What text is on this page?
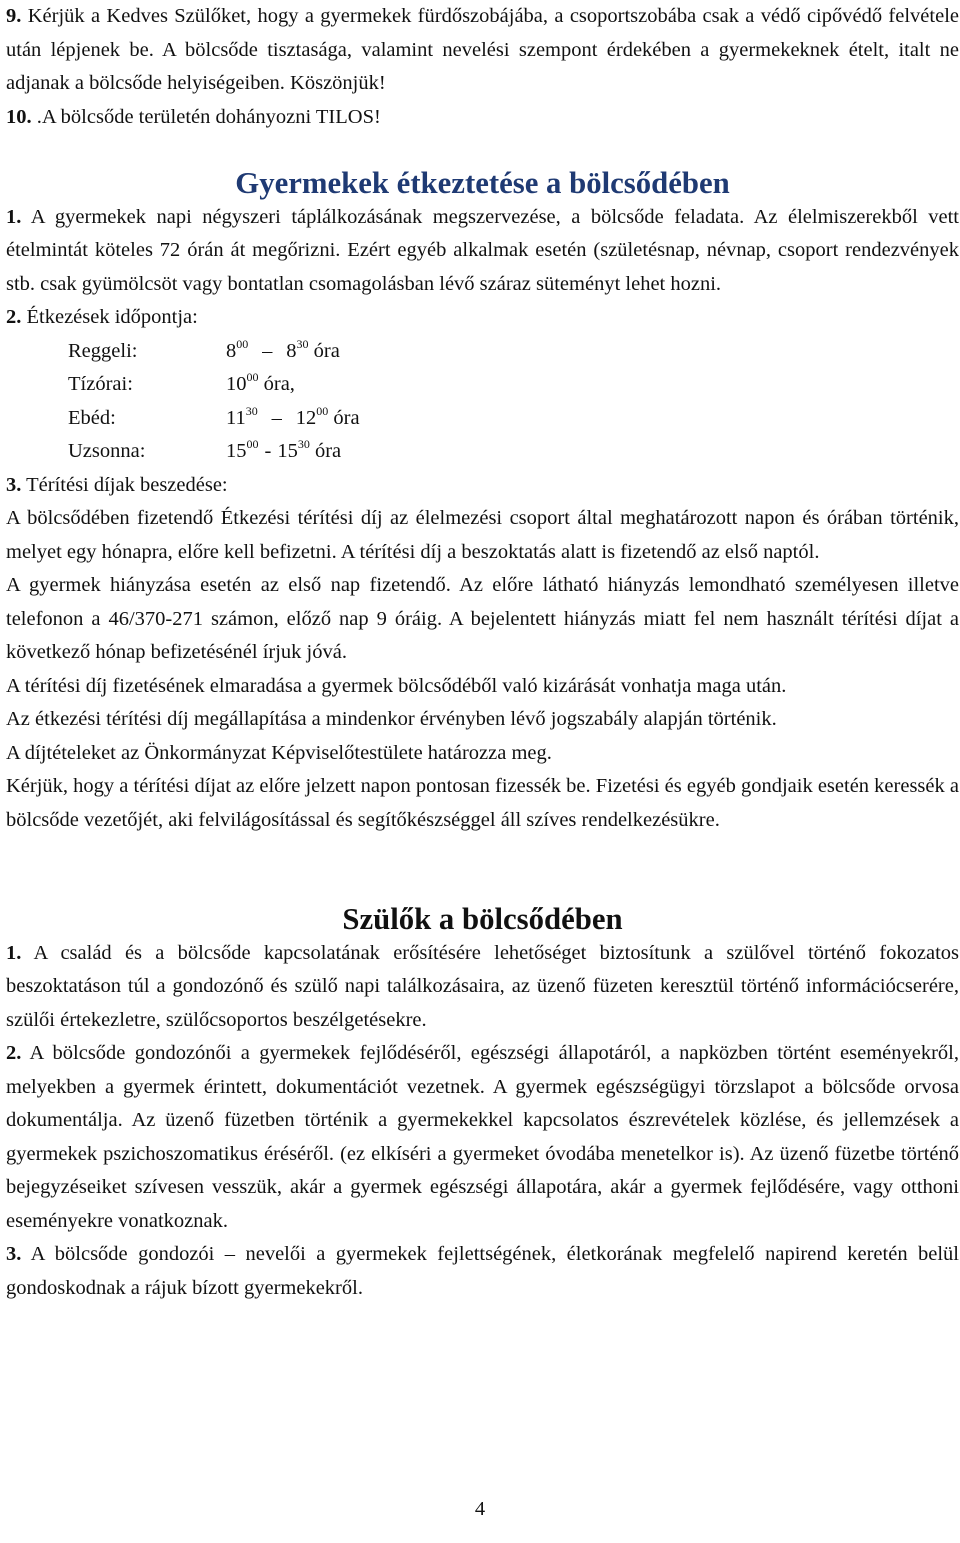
9. Kérjük a Kedves Szülőket, hogy a gyermekek fürdőszobájába, a csoportszobába csak a védő cipővédő felvétele után lépjenek be. A bölcsőde tisztasága, valamint nevelési szempont érdekében a gyermekeknek ételt, italt ne adjanak a bölcsőde helyiségeiben. Köszönjük!

10. .A bölcsőde területén dohányozni TILOS!

Gyermekek étkeztetése a bölcsődében

1. A gyermekek napi négyszeri táplálkozásának megszervezése, a bölcsőde feladata. Az élelmiszerekből vett ételmintát köteles 72 órán át megőrizni. Ezért egyéb alkalmak esetén (születésnap, névnap, csoport rendezvények stb. csak gyümölcsöt vagy bontatlan csomagolásban lévő száraz süteményt lehet hozni.

2. Étkezések időpontja:

Reggeli:	$8^{00} - 8^{30}$ óra
Tízórai:	$10^{00}$ óra,
Ebéd:	$11^{30} - 12^{00}$ óra
Uzsonna:	$15^{00} - 15^{30}$ óra

3. Térítési díjak beszedése:

A bölcsődében fizetendő Étkezési térítési díj az élelmezési csoport által meghatározott napon és órában történik, melyet egy hónapra, előre kell befizetni. A térítési díj a beszoktatás alatt is fizetendő az első naptól.

A gyermek hiányzása esetén az első nap fizetendő. Az előre látható hiányzás lemondható személyesen illetve telefonon a 46/370-271 számon, előző nap 9 óráig. A bejelentett hiányzás miatt fel nem használt térítési díjat a következő hónap befizetésénél írjuk jóvá.

A térítési díj fizetésének elmaradása a gyermek bölcsődéből való kizárását vonhatja maga után.

Az étkezési térítési díj megállapítása a mindenkor érvényben lévő jogszabály alapján történik.

A díjtételeket az Önkormányzat Képviselőtestülete határozza meg.

Kérjük, hogy a térítési díjat az előre jelzett napon pontosan fizessék be. Fizetési és egyéb gondjaik esetén keressék a bölcsőde vezetőjét, aki felvilágosítással és segítőkészséggel áll szíves rendelkezésükre.

Szülők a bölcsődében

1. A család és a bölcsőde kapcsolatának erősítésére lehetőséget biztosítunk a szülővel történő fokozatos beszoktatáson túl a gondozónő és szülő napi találkozásaira, az üzenő füzeten keresztül történő információcserére, szülői értekezletre, szülőcsoportos beszélgetésekre.

2. A bölcsőde gondozónői a gyermekek fejlődéséről, egészségi állapotáról, a napközben történt eseményekről, melyekben a gyermek érintett, dokumentációt vezetnek. A gyermek egészségügyi törzslapot a bölcsőde orvosa dokumentálja. Az üzenő füzetben történik a gyermekekkel kapcsolatos észrevételek közlése, és jellemzések a gyermekek pszichoszomatikus éréséről. (ez elkíséri a gyermeket óvodába menetelkor is). Az üzenő füzetbe történő bejegyzéseiket szívesen vesszük, akár a gyermek egészségi állapotára, akár a gyermek fejlődésére, vagy otthoni eseményekre vonatkoznak.

3. A bölcsőde gondozói – nevelői a gyermekek fejlettségének, életkorának megfelelő napirend keretén belül gondoskodnak a rájuk bízott gyermekekről.

4
